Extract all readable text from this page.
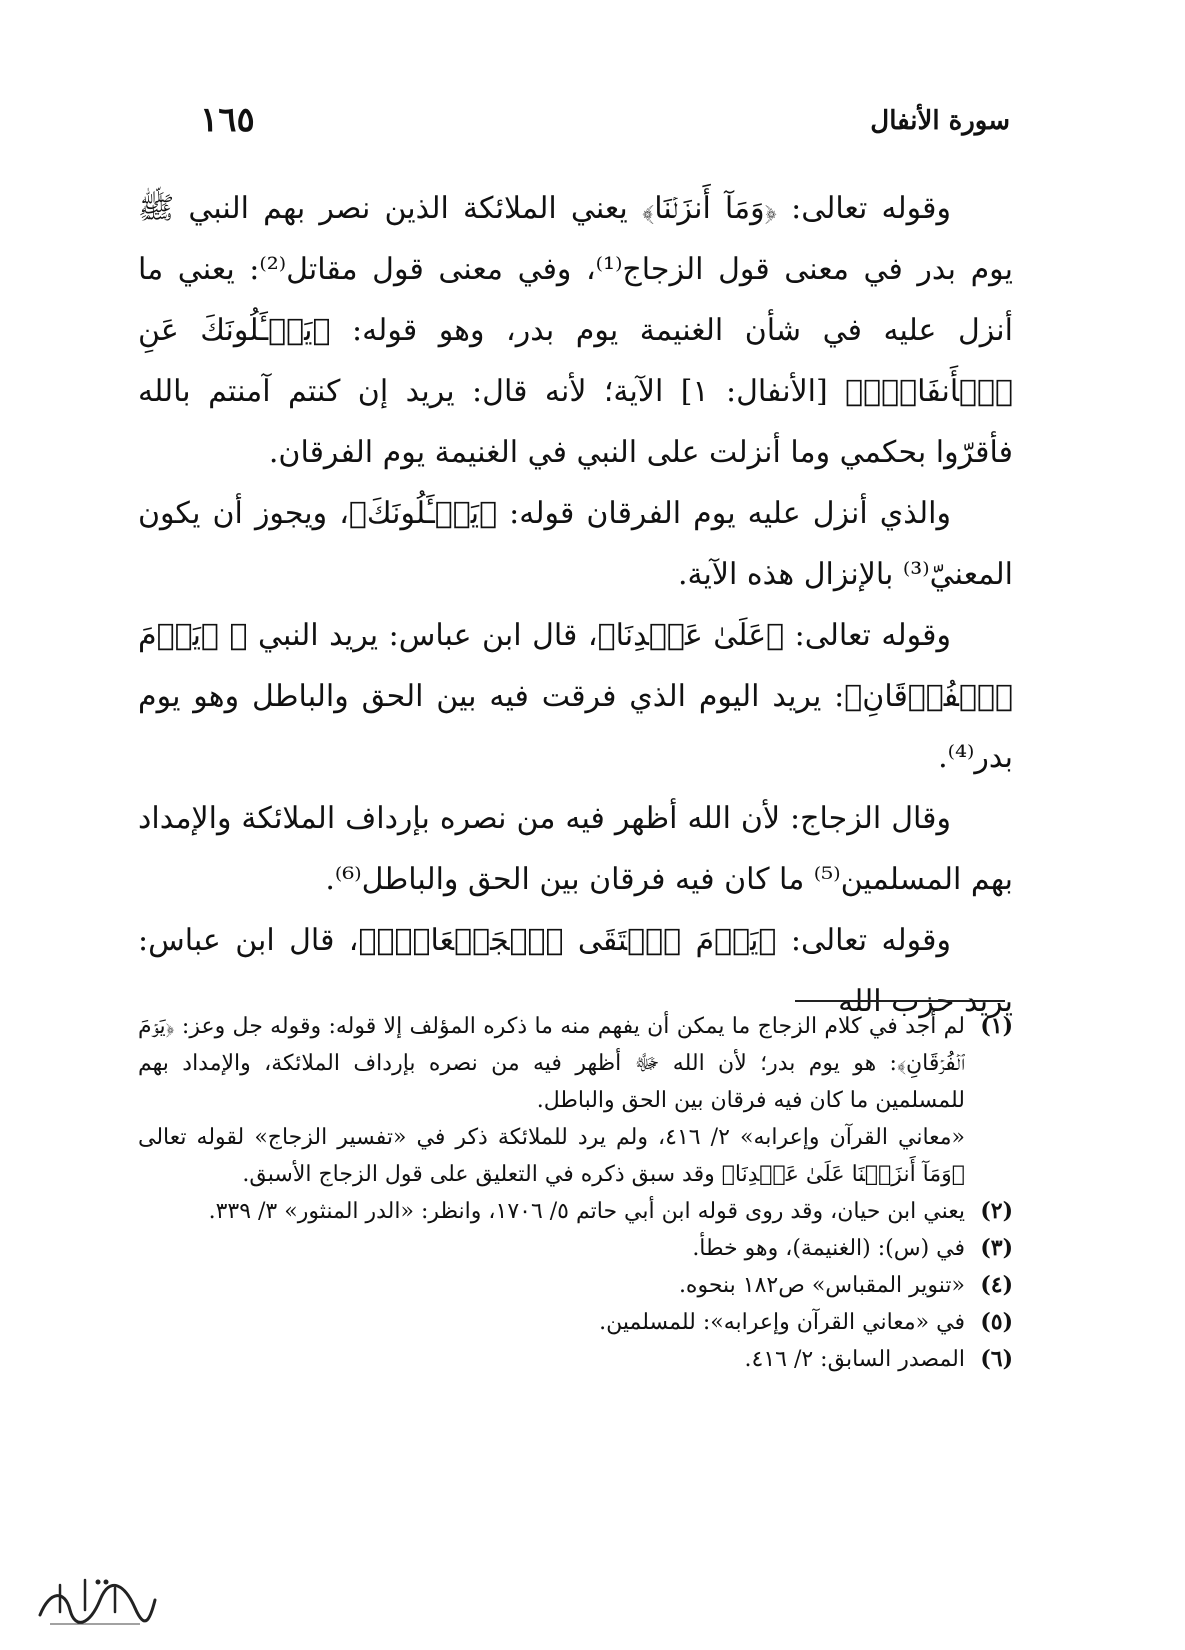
سورة الأنفال
١٦٥

وقوله تعالى: ﴿وَمَآ أَنزَلۡنَا﴾ يعني الملائكة الذين نصر بهم النبي ﷺ يوم بدر في معنى قول الزجاج⁽¹⁾، وفي معنى قول مقاتل⁽²⁾: يعني ما أنزل عليه في شأن الغنيمة يوم بدر، وهو قوله: ﴿يَسۡـَٔلُونَكَ عَنِ ٱلۡأَنفَالِۖ﴾ [الأنفال: ١] الآية؛ لأنه قال: يريد إن كنتم آمنتم بالله فأقرّوا بحكمي وما أنزلت على النبي في الغنيمة يوم الفرقان.

والذي أنزل عليه يوم الفرقان قوله: ﴿يَسۡـَٔلُونَكَ﴾، ويجوز أن يكون المعنيّ⁽³⁾ بالإنزال هذه الآية.

وقوله تعالى: ﴿عَلَىٰ عَبۡدِنَا﴾، قال ابن عباس: يريد النبي ﷺ ﴿يَوۡمَ ٱلۡفُرۡقَانِ﴾: يريد اليوم الذي فرقت فيه بين الحق والباطل وهو يوم بدر⁽⁴⁾.

وقال الزجاج: لأن الله أظهر فيه من نصره بإرداف الملائكة والإمداد بهم المسلمين⁽⁵⁾ ما كان فيه فرقان بين الحق والباطل⁽⁶⁾.

وقوله تعالى: ﴿يَوۡمَ ٱلۡتَقَى ٱلۡجَمۡعَانِۗ﴾، قال ابن عباس: يريد حزب الله

(١)

لم أجد في كلام الزجاج ما يمكن أن يفهم منه ما ذكره المؤلف إلا قوله: وقوله جل وعز: ﴿يَوۡمَ ٱلۡفُرۡقَانِ﴾: هو يوم بدر؛ لأن الله ﷻ أظهر فيه من نصره بإرداف الملائكة، والإمداد بهم للمسلمين ما كان فيه فرقان بين الحق والباطل.

«معاني القرآن وإعرابه» ٢/ ٤١٦، ولم يرد للملائكة ذكر في «تفسير الزجاج» لقوله تعالى ﴿وَمَآ أَنزَلۡنَا عَلَىٰ عَبۡدِنَا﴾ وقد سبق ذكره في التعليق على قول الزجاج الأسبق.

(٢)

يعني ابن حيان، وقد روى قوله ابن أبي حاتم ٥/ ١٧٠٦، وانظر: «الدر المنثور» ٣/ ٣٣٩.

(٣)

في (س): (الغنيمة)، وهو خطأ.

(٤)

«تنوير المقباس» ص١٨٢ بنحوه.

(٥)

في «معاني القرآن وإعرابه»: للمسلمين.

(٦)

المصدر السابق: ٢/ ٤١٦.
